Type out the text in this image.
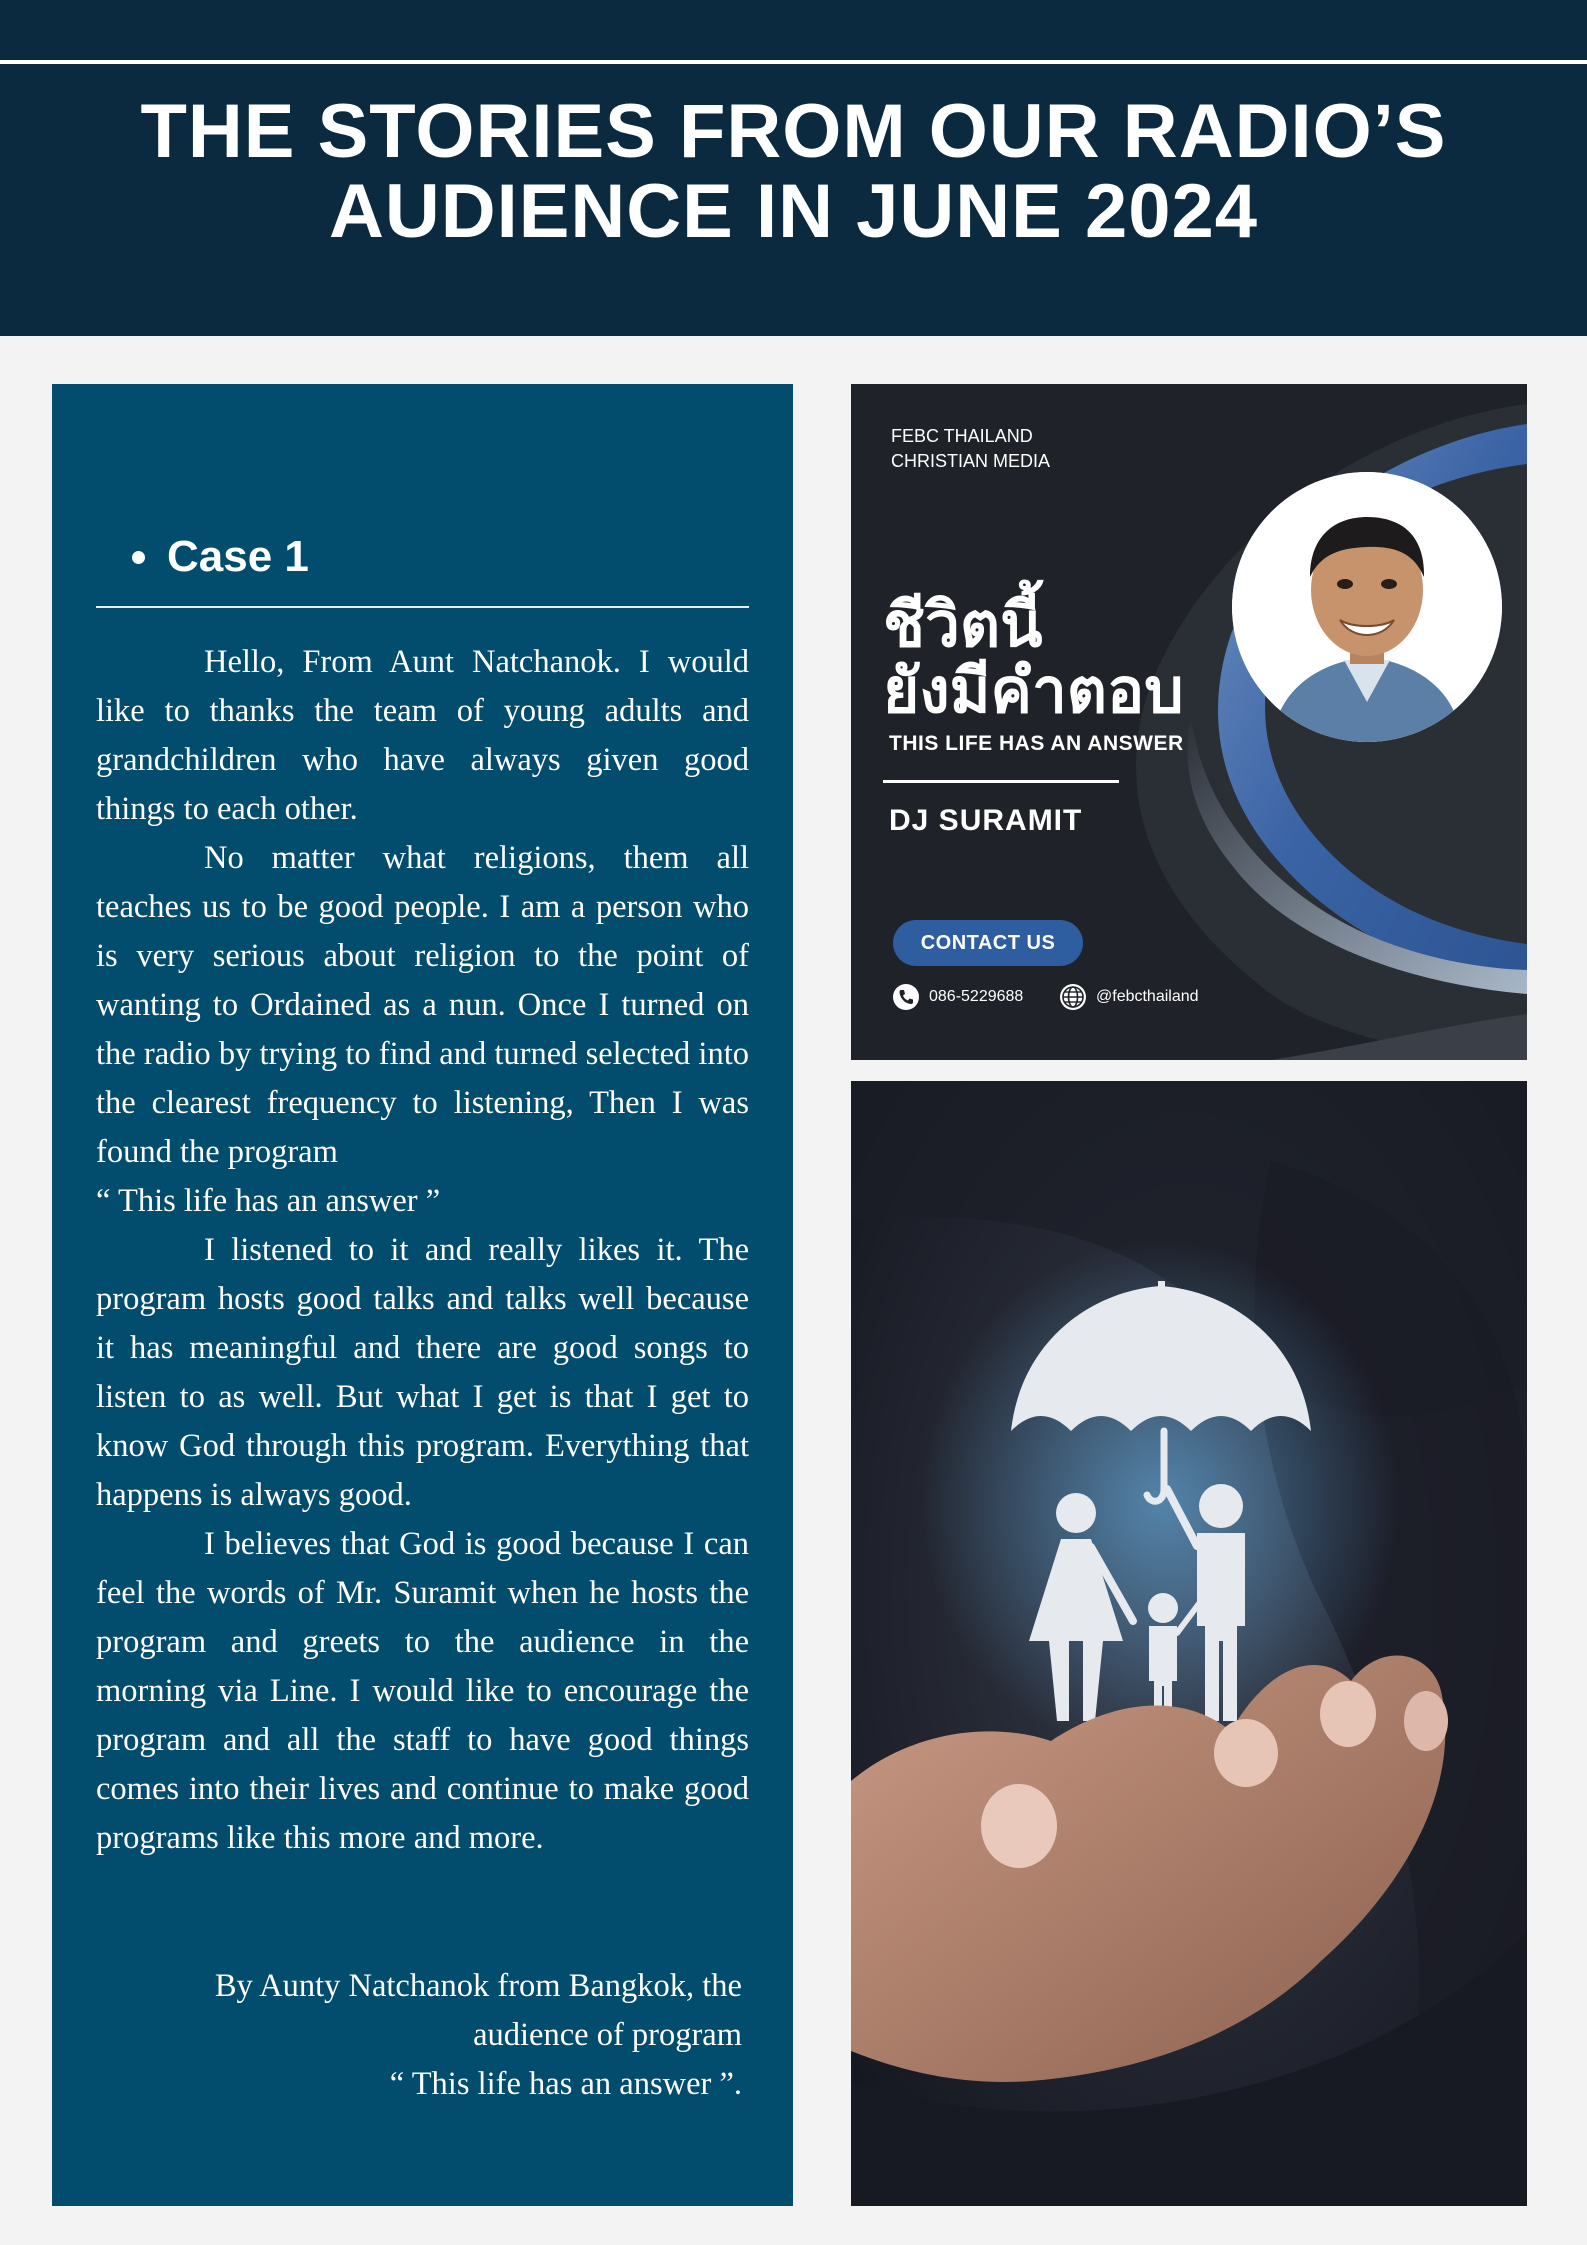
THE STORIES FROM OUR RADIO’S
AUDIENCE IN JUNE 2024
Case 1

Hello, From Aunt Natchanok. I would like to thanks the team of young adults and grandchildren who have always given good things to each other.

No matter what religions, them all teaches us to be good people. I am a person who is very serious about religion to the point of wanting to Ordained as a nun. Once I turned on the radio by trying to find and turned selected into the clearest frequency to listening, Then I was found the program

“ This life has an answer ”

I listened to it and really likes it. The program hosts good talks and talks well because it has meaningful and there are good songs to listen to as well. But what I get is that I get to know God through this program. Everything that happens is always good.

I believes that God is good because I can feel the words of Mr. Suramit when he hosts the program and greets to the audience in the morning via Line. I would like to encourage the program and all the staff to have good things comes into their lives and continue to make good programs like this more and more.

By Aunty Natchanok from Bangkok, the
audience of program
“ This life has an answer ”.
FEBC THAILAND
CHRISTIAN MEDIA
ชีวิตนี้
ยังมีคำตอบ
THIS LIFE HAS AN ANSWER
DJ SURAMIT
CONTACT US
086-5229688	@febcthailand
